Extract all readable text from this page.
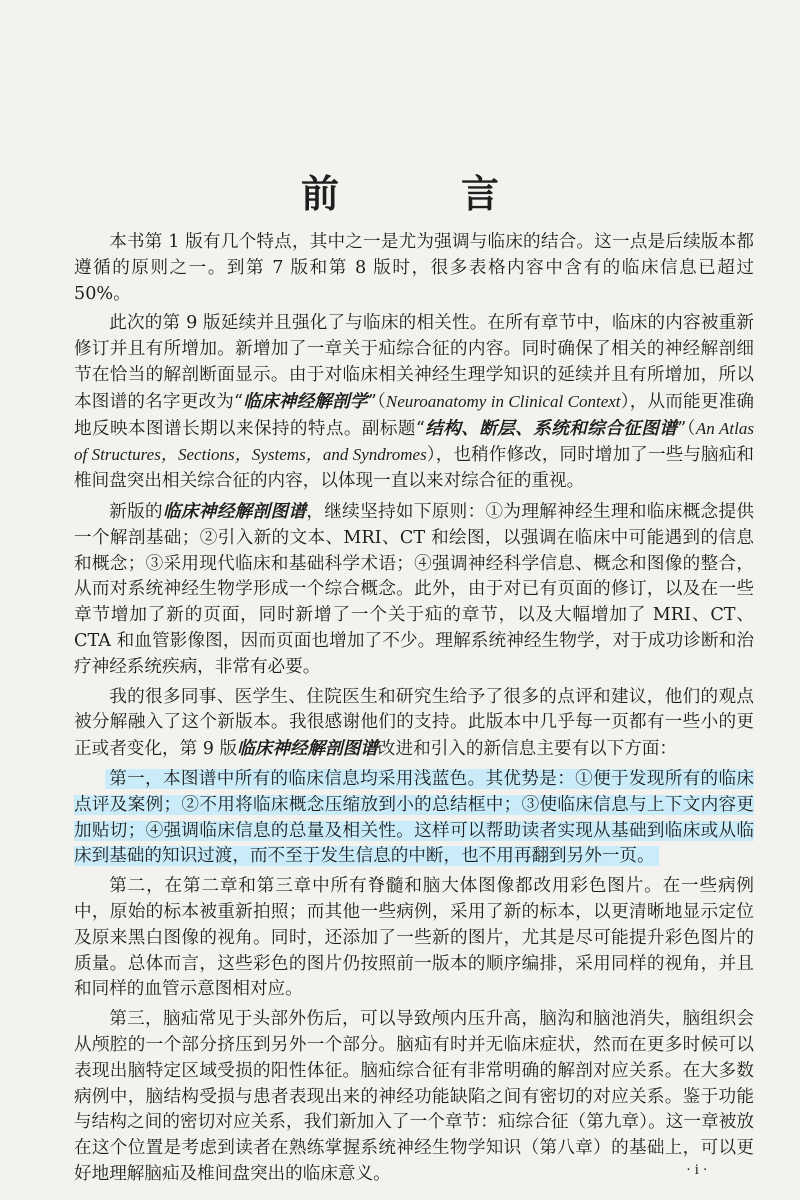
前　言

本书第 1 版有几个特点，其中之一是尤为强调与临床的结合。这一点是后续版本都遵循的原则之一。到第 7 版和第 8 版时，很多表格内容中含有的临床信息已超过 50%。

此次的第 9 版延续并且强化了与临床的相关性。在所有章节中，临床的内容被重新修订并且有所增加。新增加了一章关于疝综合征的内容。同时确保了相关的神经解剖细节在恰当的解剖断面显示。由于对临床相关神经生理学知识的延续并且有所增加，所以本图谱的名字更改为“临床神经解剖学”（Neuroanatomy in Clinical Context），从而能更准确地反映本图谱长期以来保持的特点。副标题“结构、断层、系统和综合征图谱”（An Atlas of Structures，Sections，Systems，and Syndromes），也稍作修改，同时增加了一些与脑疝和椎间盘突出相关综合征的内容，以体现一直以来对综合征的重视。

新版的临床神经解剖图谱，继续坚持如下原则：①为理解神经生理和临床概念提供一个解剖基础；②引入新的文本、MRI、CT 和绘图，以强调在临床中可能遇到的信息和概念；③采用现代临床和基础科学术语；④强调神经科学信息、概念和图像的整合，从而对系统神经生物学形成一个综合概念。此外，由于对已有页面的修订，以及在一些章节增加了新的页面，同时新增了一个关于疝的章节，以及大幅增加了 MRI、CT、CTA 和血管影像图，因而页面也增加了不少。理解系统神经生物学，对于成功诊断和治疗神经系统疾病，非常有必要。

我的很多同事、医学生、住院医生和研究生给予了很多的点评和建议，他们的观点被分解融入了这个新版本。我很感谢他们的支持。此版本中几乎每一页都有一些小的更正或者变化，第 9 版临床神经解剖图谱改进和引入的新信息主要有以下方面：

第一，本图谱中所有的临床信息均采用浅蓝色。其优势是：①便于发现所有的临床点评及案例；②不用将临床概念压缩放到小的总结框中；③使临床信息与上下文内容更加贴切；④强调临床信息的总量及相关性。这样可以帮助读者实现从基础到临床或从临床到基础的知识过渡，而不至于发生信息的中断，也不用再翻到另外一页。

第二，在第二章和第三章中所有脊髓和脑大体图像都改用彩色图片。在一些病例中，原始的标本被重新拍照；而其他一些病例，采用了新的标本，以更清晰地显示定位及原来黑白图像的视角。同时，还添加了一些新的图片，尤其是尽可能提升彩色图片的质量。总体而言，这些彩色的图片仍按照前一版本的顺序编排，采用同样的视角，并且和同样的血管示意图相对应。

第三，脑疝常见于头部外伤后，可以导致颅内压升高，脑沟和脑池消失，脑组织会从颅腔的一个部分挤压到另外一个部分。脑疝有时并无临床症状，然而在更多时候可以表现出脑特定区域受损的阳性体征。脑疝综合征有非常明确的解剖对应关系。在大多数病例中，脑结构受损与患者表现出来的神经功能缺陷之间有密切的对应关系。鉴于功能与结构之间的密切对应关系，我们新加入了一个章节：疝综合征（第九章）。这一章被放在这个位置是考虑到读者在熟练掌握系统神经生物学知识（第八章）的基础上，可以更好地理解脑疝及椎间盘突出的临床意义。	· i ·
